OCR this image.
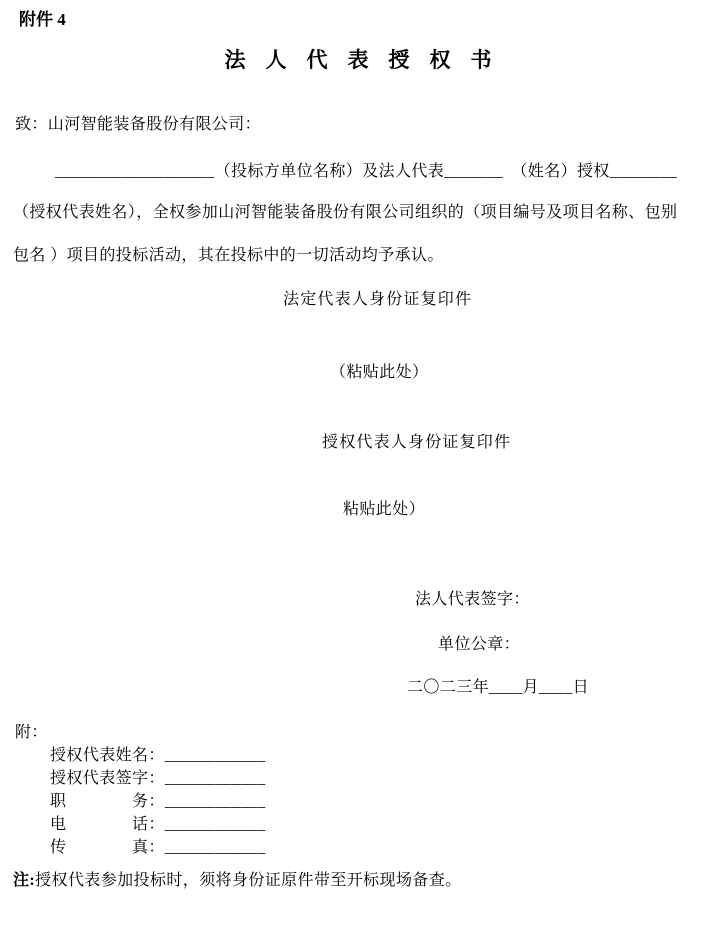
附件 4
法人代表授权书
致：山河智能装备股份有限公司：
___________________（投标方单位名称）及法人代表_______　（姓名）授权________
（授权代表姓名），全权参加山河智能装备股份有限公司组织的（项目编号及项目名称、包别
包名 ）项目的投标活动，其在投标中的一切活动均予承认。
法定代表人身份证复印件
（粘贴此处）
授权代表人身份证复印件
粘贴此处）
法人代表签字：
单位公章：
二〇二三年____月____日
附：
授权代表姓名：____________
授权代表签字：____________
职　　　　务：____________
电　　　　话：____________
传　　　　真：____________
注:授权代表参加投标时，须将身份证原件带至开标现场备查。
